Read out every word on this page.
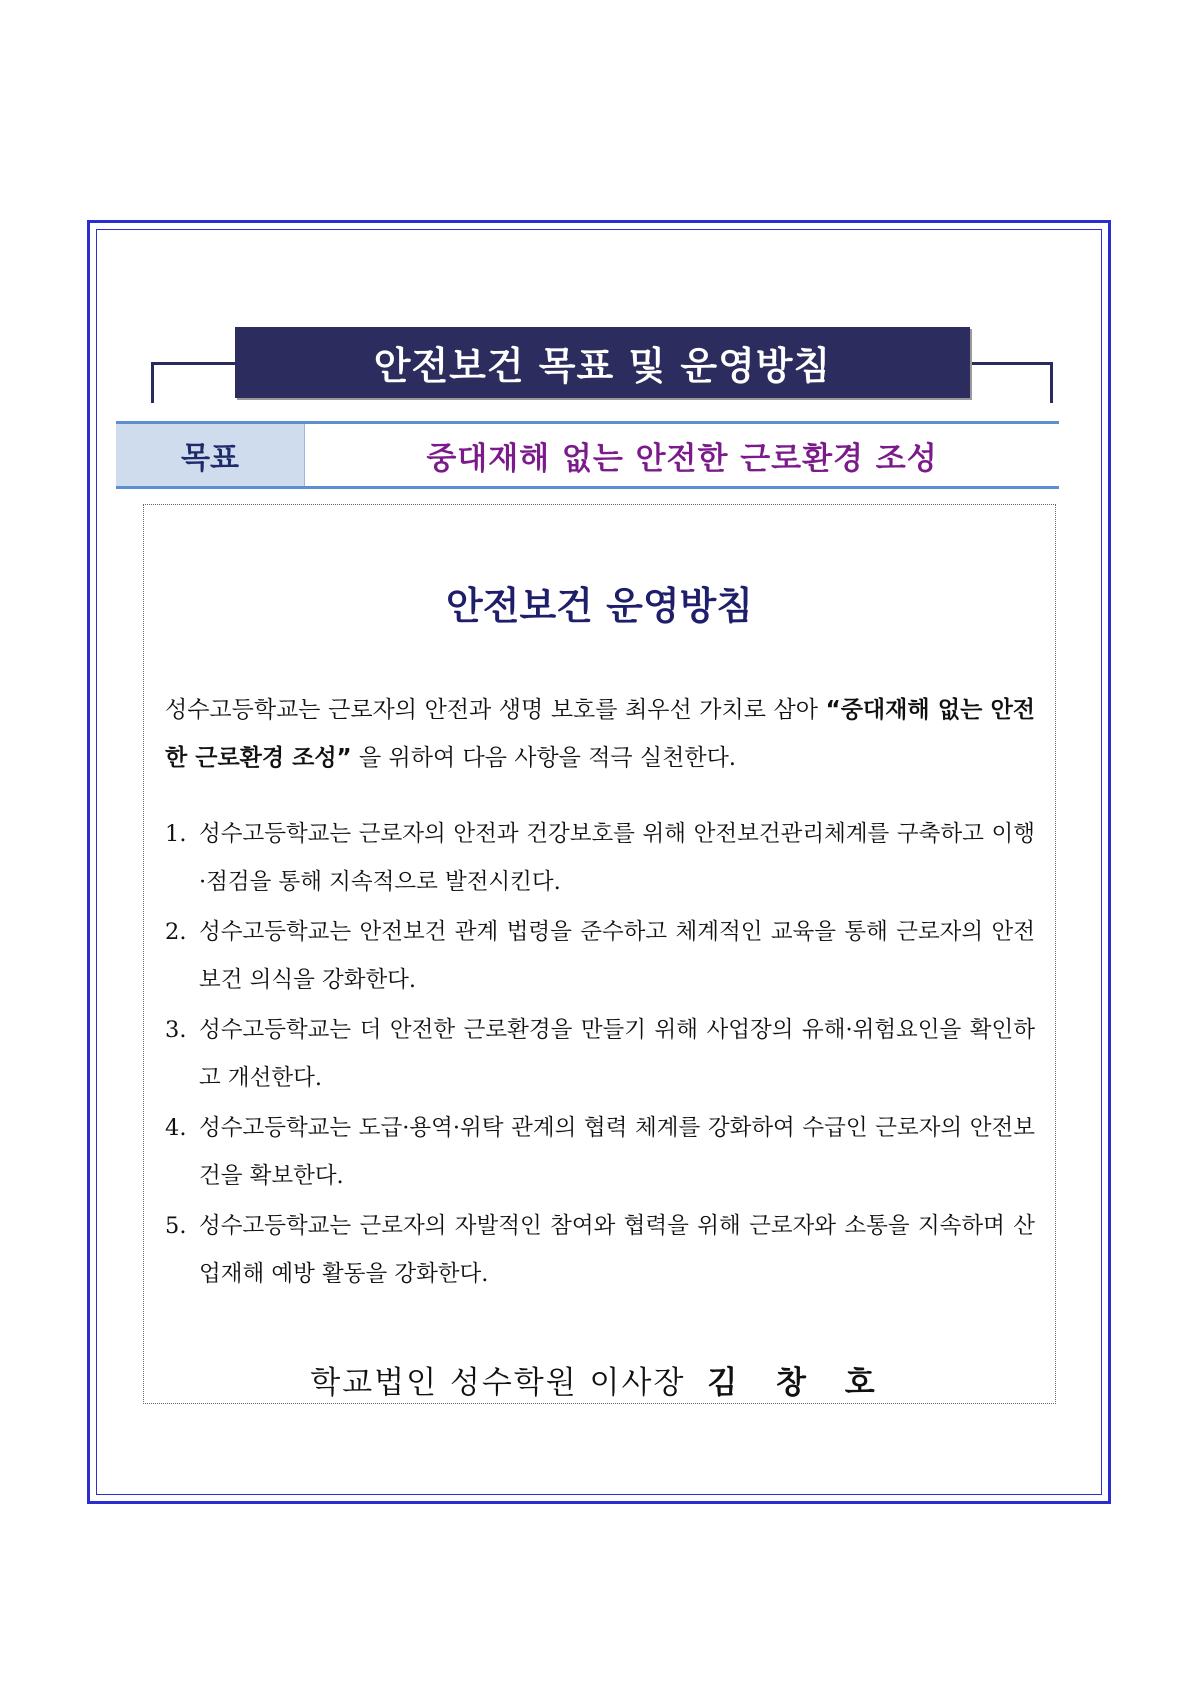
안전보건 목표 및 운영방침
목표	중대재해 없는 안전한 근로환경 조성
안전보건 운영방침

성수고등학교는 근로자의 안전과 생명 보호를 최우선 가치로 삼아 “중대재해 없는 안전한 근로환경 조성” 을 위하여 다음 사항을 적극 실천한다.

1. 성수고등학교는 근로자의 안전과 건강보호를 위해 안전보건관리체계를 구축하고 이행·점검을 통해 지속적으로 발전시킨다.
2. 성수고등학교는 안전보건 관계 법령을 준수하고 체계적인 교육을 통해 근로자의 안전보건 의식을 강화한다.
3. 성수고등학교는 더 안전한 근로환경을 만들기 위해 사업장의 유해·위험요인을 확인하고 개선한다.
4. 성수고등학교는 도급·용역·위탁 관계의 협력 체계를 강화하여 수급인 근로자의 안전보건을 확보한다.
5. 성수고등학교는 근로자의 자발적인 참여와 협력을 위해 근로자와 소통을 지속하며 산업재해 예방 활동을 강화한다.
학교법인 성수학원 이사장 김 창 호
